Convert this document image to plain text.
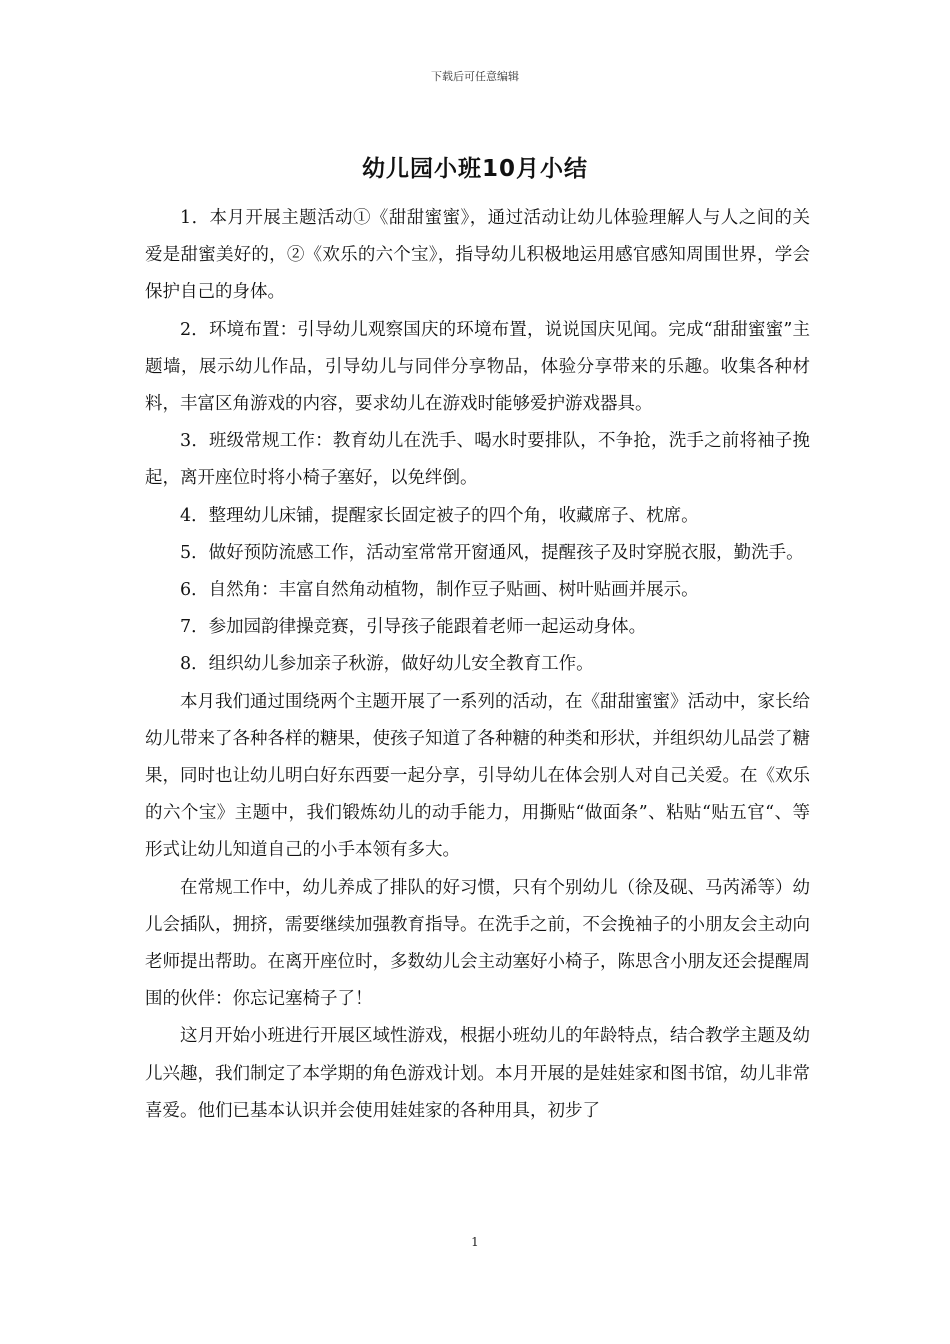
下载后可任意编辑
幼儿园小班10月小结

1．本月开展主题活动①《甜甜蜜蜜》，通过活动让幼儿体验理解人与人之间的关爱是甜蜜美好的，②《欢乐的六个宝》，指导幼儿积极地运用感官感知周围世界，学会保护自己的身体。

2．环境布置：引导幼儿观察国庆的环境布置，说说国庆见闻。完成“甜甜蜜蜜”主题墙，展示幼儿作品，引导幼儿与同伴分享物品，体验分享带来的乐趣。收集各种材料，丰富区角游戏的内容，要求幼儿在游戏时能够爱护游戏器具。

3．班级常规工作：教育幼儿在洗手、喝水时要排队，不争抢，洗手之前将袖子挽起，离开座位时将小椅子塞好，以免绊倒。

4．整理幼儿床铺，提醒家长固定被子的四个角，收藏席子、枕席。

5．做好预防流感工作，活动室常常开窗通风，提醒孩子及时穿脱衣服，勤洗手。

6．自然角：丰富自然角动植物，制作豆子贴画、树叶贴画并展示。

7．参加园韵律操竞赛，引导孩子能跟着老师一起运动身体。

8．组织幼儿参加亲子秋游，做好幼儿安全教育工作。

本月我们通过围绕两个主题开展了一系列的活动，在《甜甜蜜蜜》活动中，家长给幼儿带来了各种各样的糖果，使孩子知道了各种糖的种类和形状，并组织幼儿品尝了糖果，同时也让幼儿明白好东西要一起分享，引导幼儿在体会别人对自己关爱。在《欢乐的六个宝》主题中，我们锻炼幼儿的动手能力，用撕贴“做面条”、粘贴“贴五官“、等形式让幼儿知道自己的小手本领有多大。

在常规工作中，幼儿养成了排队的好习惯，只有个别幼儿（徐及砚、马芮浠等）幼儿会插队，拥挤，需要继续加强教育指导。在洗手之前，不会挽袖子的小朋友会主动向老师提出帮助。在离开座位时，多数幼儿会主动塞好小椅子，陈思含小朋友还会提醒周围的伙伴：你忘记塞椅子了！

这月开始小班进行开展区域性游戏，根据小班幼儿的年龄特点，结合教学主题及幼儿兴趣，我们制定了本学期的角色游戏计划。本月开展的是娃娃家和图书馆，幼儿非常喜爱。他们已基本认识并会使用娃娃家的各种用具，初步了

1
